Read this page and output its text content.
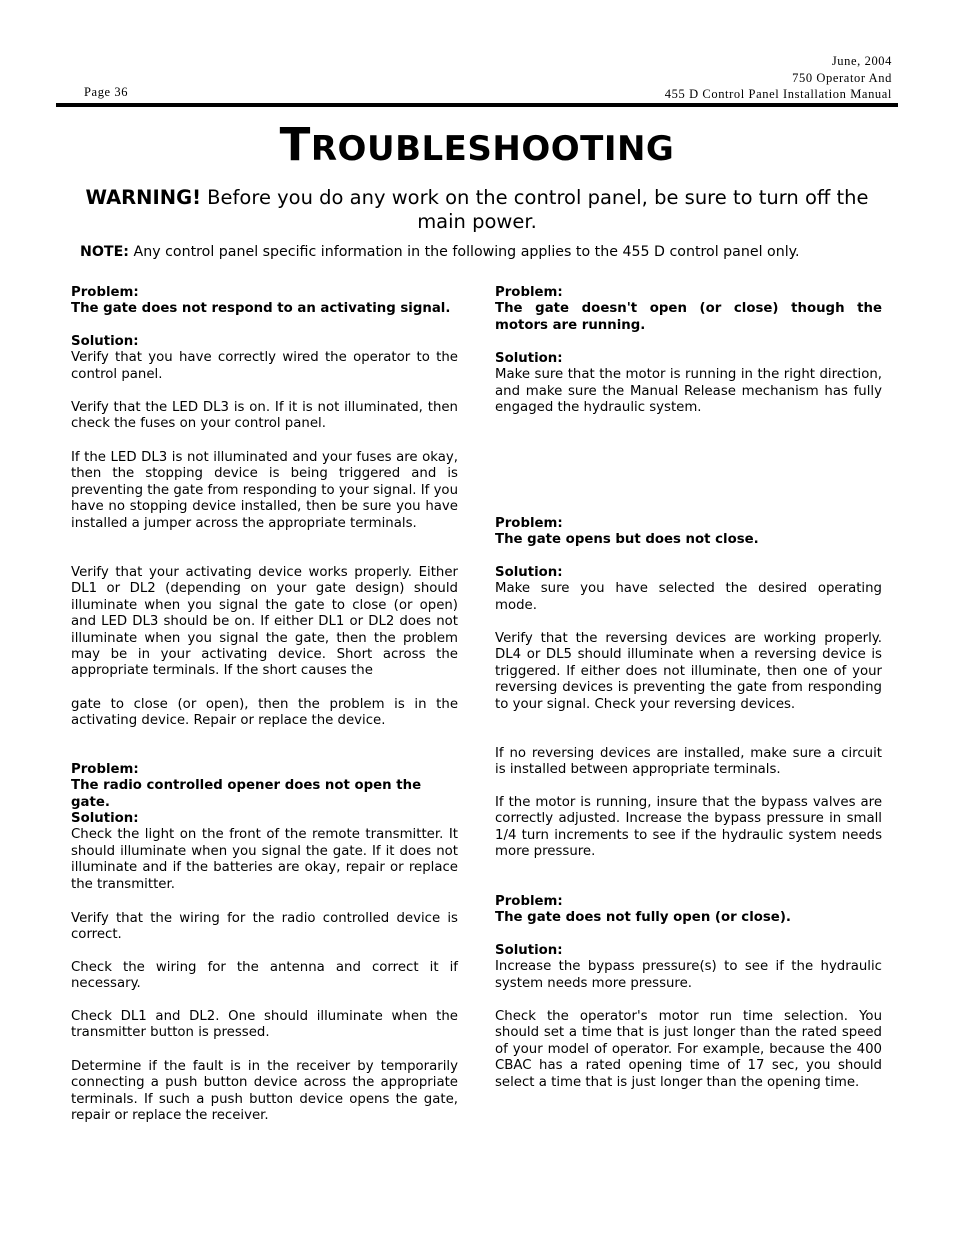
June, 2004
750 Operator And
455 D Control Panel Installation Manual
Page 36
TROUBLESHOOTING
WARNING! Before you do any work on the control panel, be sure to turn off the main power.
NOTE: Any control panel specific information in the following applies to the 455 D control panel only.
Problem:
The gate does not respond to an activating signal.
Solution:

Verify that you have correctly wired the operator to the control panel.

Verify that the LED DL3 is on. If it is not illuminated, then check the fuses on your control panel.

If the LED DL3 is not illuminated and your fuses are okay, then the stopping device is being triggered and is preventing the gate from responding to your signal. If you have no stopping device installed, then be sure you have installed a jumper across the appropriate terminals.

Verify that your activating device works properly. Either DL1 or DL2 (depending on your gate design) should illuminate when you signal the gate to close (or open) and LED DL3 should be on. If either DL1 or DL2 does not illuminate when you signal the gate, then the problem may be in your activating device. Short across the appropriate terminals. If the short causes the

gate to close (or open), then the problem is in the activating device. Repair or replace the device.

Problem:
The radio controlled opener does not open the gate.
Solution:

Check the light on the front of the remote transmitter. It should illuminate when you signal the gate. If it does not illuminate and if the batteries are okay, repair or replace the transmitter.

Verify that the wiring for the radio controlled device is correct.

Check the wiring for the antenna and correct it if necessary.

Check DL1 and DL2. One should illuminate when the transmitter button is pressed.

Determine if the fault is in the receiver by temporarily connecting a push button device across the appropriate terminals. If such a push button device opens the gate, repair or replace the receiver.

Problem:
The gate doesn't open (or close) though the motors are running.
Solution:

Make sure that the motor is running in the right direction, and make sure the Manual Release mechanism has fully engaged the hydraulic system.

Problem:
The gate opens but does not close.
Solution:

Make sure you have selected the desired operating mode.

Verify that the reversing devices are working properly. DL4 or DL5 should illuminate when a reversing device is triggered. If either does not illuminate, then one of your reversing devices is preventing the gate from responding to your signal. Check your reversing devices.

If no reversing devices are installed, make sure a circuit is installed between appropriate terminals.

If the motor is running, insure that the bypass valves are correctly adjusted. Increase the bypass pressure in small 1/4 turn increments to see if the hydraulic system needs more pressure.

Problem:
The gate does not fully open (or close).
Solution:

Increase the bypass pressure(s) to see if the hydraulic system needs more pressure.

Check the operator's motor run time selection. You should set a time that is just longer than the rated speed of your model of operator. For example, because the 400 CBAC has a rated opening time of 17 sec, you should select a time that is just longer than the opening time.
